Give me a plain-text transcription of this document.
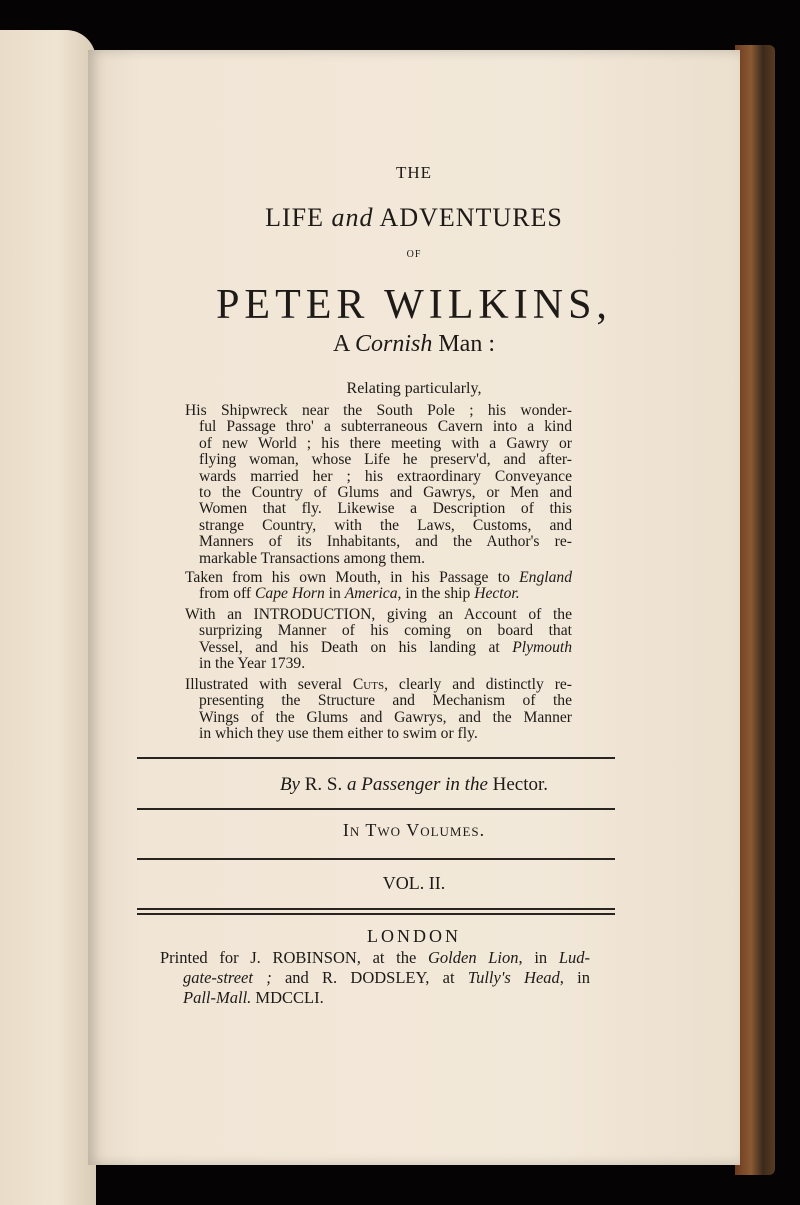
THE
LIFE and ADVENTURES
OF
PETER WILKINS,
A Cornish Man :
Relating particularly,
His Shipwreck near the South Pole ; his wonder-
ful Passage thro' a subterraneous Cavern into a kind
of new World ; his there meeting with a Gawry or
flying woman, whose Life he preserv'd, and after-
wards married her ; his extraordinary Conveyance
to the Country of Glums and Gawrys, or Men and
Women that fly. Likewise a Description of this
strange Country, with the Laws, Customs, and
Manners of its Inhabitants, and the Author's re-
markable Transactions among them.
Taken from his own Mouth, in his Passage to England
from off Cape Horn in America, in the ship Hector.
With an INTRODUCTION, giving an Account of the
surprizing Manner of his coming on board that
Vessel, and his Death on his landing at Plymouth
in the Year 1739.
Illustrated with several Cuts, clearly and distinctly re-
presenting the Structure and Mechanism of the
Wings of the Glums and Gawrys, and the Manner
in which they use them either to swim or fly.
By R. S. a Passenger in the Hector.
In Two Volumes.
VOL. II.
LONDON
Printed for J. ROBINSON, at the Golden Lion, in Lud-
gate-street ; and R. DODSLEY, at Tully's Head, in
Pall-Mall. MDCCLI.
